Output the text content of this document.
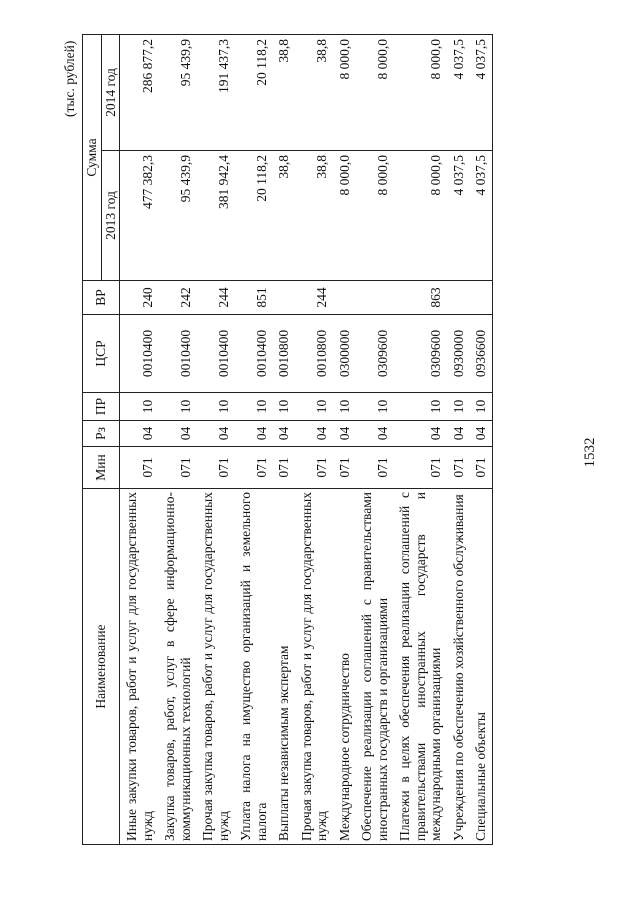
1532
(тыс. рублей)
Наименование	Мин	Рз	ПР	ЦСР	ВР	Сумма	
						2013 год	2014 год
Иные закупки товаров, работ и услуг для государственных нужд	071	04	10	0010400	240	477 382,3	286 877,2
Закупка товаров, работ, услуг в сфере информационно-коммуникационных технологий	071	04	10	0010400	242	95 439,9	95 439,9
Прочая закупка товаров, работ и услуг для государственных нужд	071	04	10	0010400	244	381 942,4	191 437,3
Уплата налога на имущество организаций и земельного налога	071	04	10	0010400	851	20 118,2	20 118,2
Выплаты независимым экспертам	071	04	10	0010800		38,8	38,8
Прочая закупка товаров, работ и услуг для государственных нужд	071	04	10	0010800	244	38,8	38,8
Международное сотрудничество	071	04	10	0300000		8 000,0	8 000,0
Обеспечение реализации соглашений с правительствами иностранных государств и организациями	071	04	10	0309600		8 000,0	8 000,0
Платежи в целях обеспечения реализации соглашений с правительствами иностранных государств и международными организациями	071	04	10	0309600	863	8 000,0	8 000,0
Учреждения по обеспечению хозяйственного обслуживания	071	04	10	0930000		4 037,5	4 037,5
Специальные объекты	071	04	10	0936600		4 037,5	4 037,5
